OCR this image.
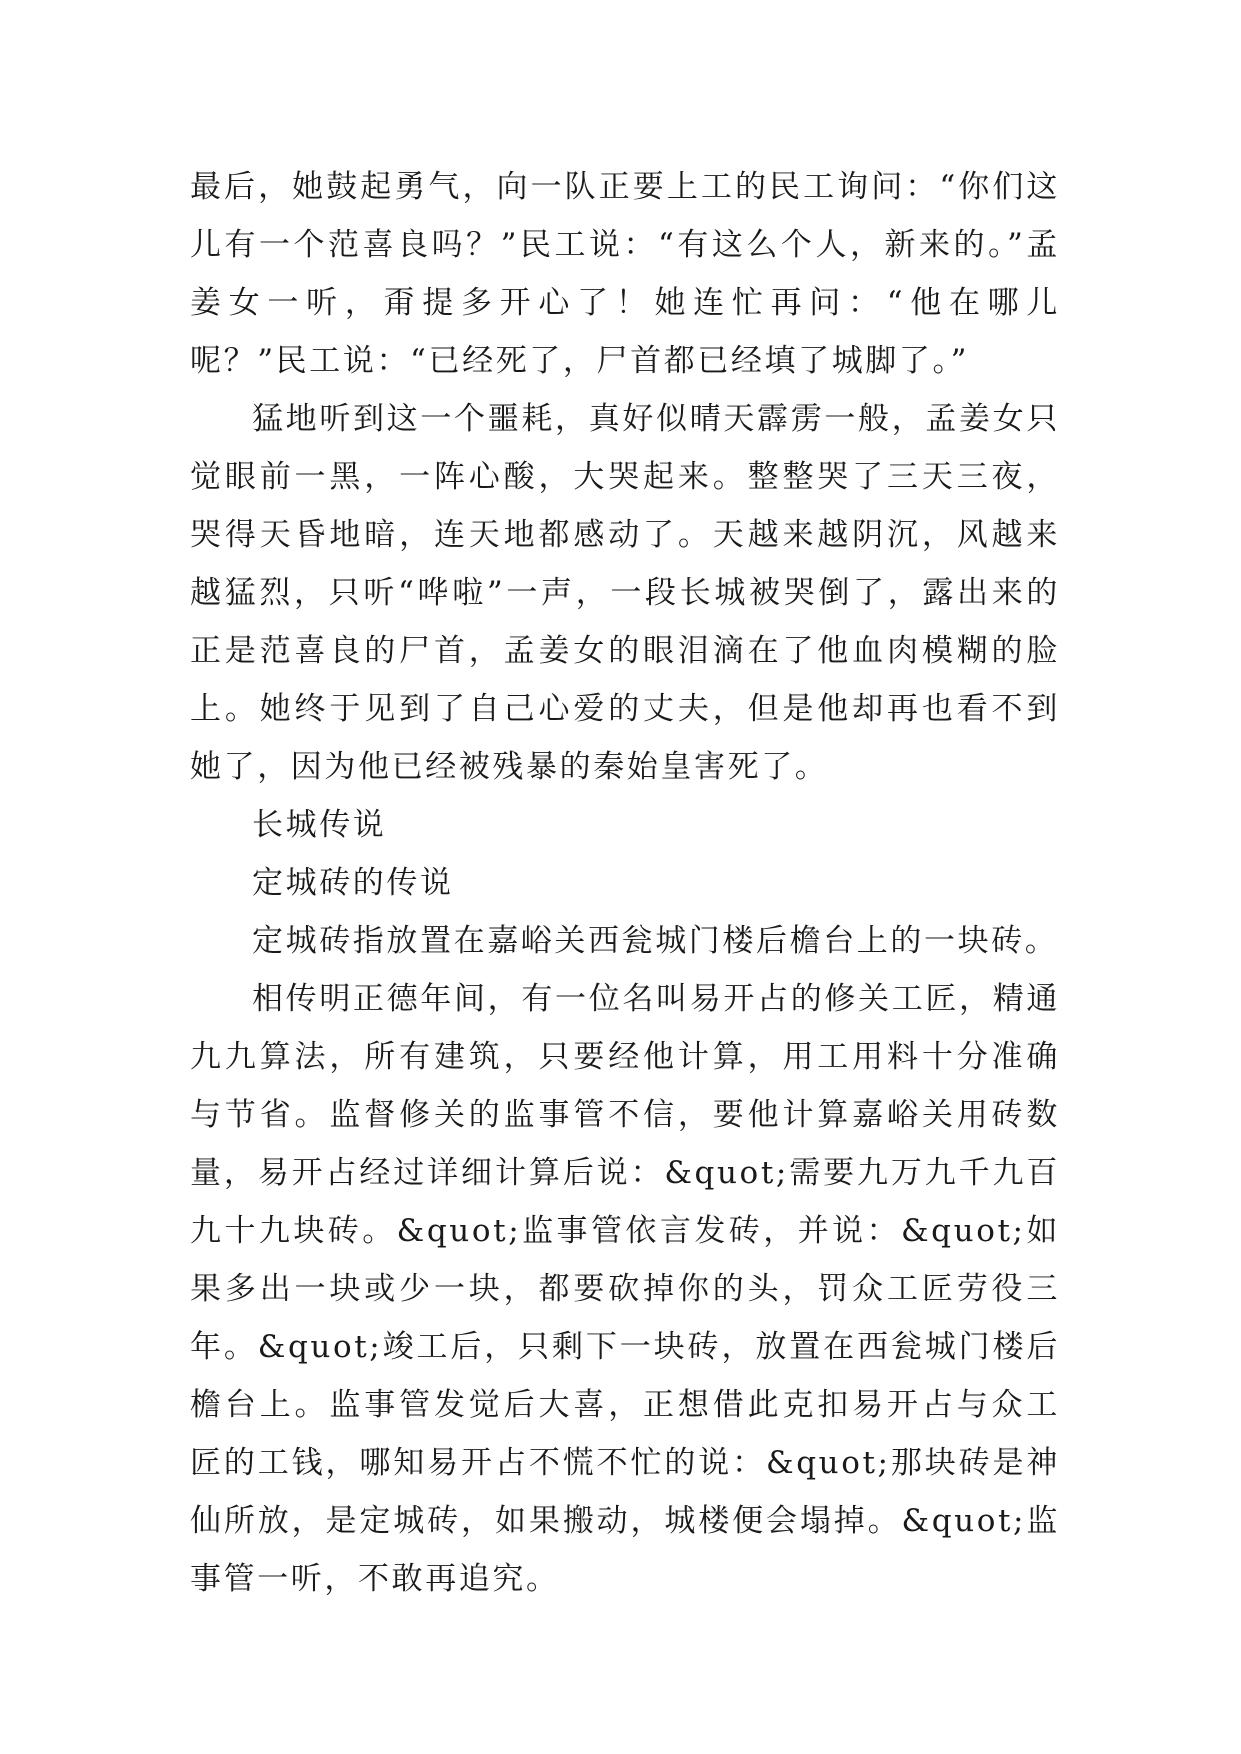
最后，她鼓起勇气，向一队正要上工的民工询问：“你们这儿有一个范喜良吗？”民工说：“有这么个人，新来的。”孟姜女一听，甭提多开心了！她连忙再问：“他在哪儿呢？”民工说：“已经死了，尸首都已经填了城脚了。”

猛地听到这一个噩耗，真好似晴天霹雳一般，孟姜女只觉眼前一黑，一阵心酸，大哭起来。整整哭了三天三夜，哭得天昏地暗，连天地都感动了。天越来越阴沉，风越来越猛烈，只听“哗啦”一声，一段长城被哭倒了，露出来的正是范喜良的尸首，孟姜女的眼泪滴在了他血肉模糊的脸上。她终于见到了自己心爱的丈夫，但是他却再也看不到她了，因为他已经被残暴的秦始皇害死了。

长城传说

定城砖的传说

定城砖指放置在嘉峪关西瓮城门楼后檐台上的一块砖。

相传明正德年间，有一位名叫易开占的修关工匠，精通九九算法，所有建筑，只要经他计算，用工用料十分准确与节省。监督修关的监事管不信，要他计算嘉峪关用砖数量，易开占经过详细计算后说：&quot;需要九万九千九百九十九块砖。&quot;监事管依言发砖，并说：&quot;如果多出一块或少一块，都要砍掉你的头，罚众工匠劳役三年。&quot;竣工后，只剩下一块砖，放置在西瓮城门楼后檐台上。监事管发觉后大喜，正想借此克扣易开占与众工匠的工钱，哪知易开占不慌不忙的说：&quot;那块砖是神仙所放，是定城砖，如果搬动，城楼便会塌掉。&quot;监事管一听，不敢再追究。
